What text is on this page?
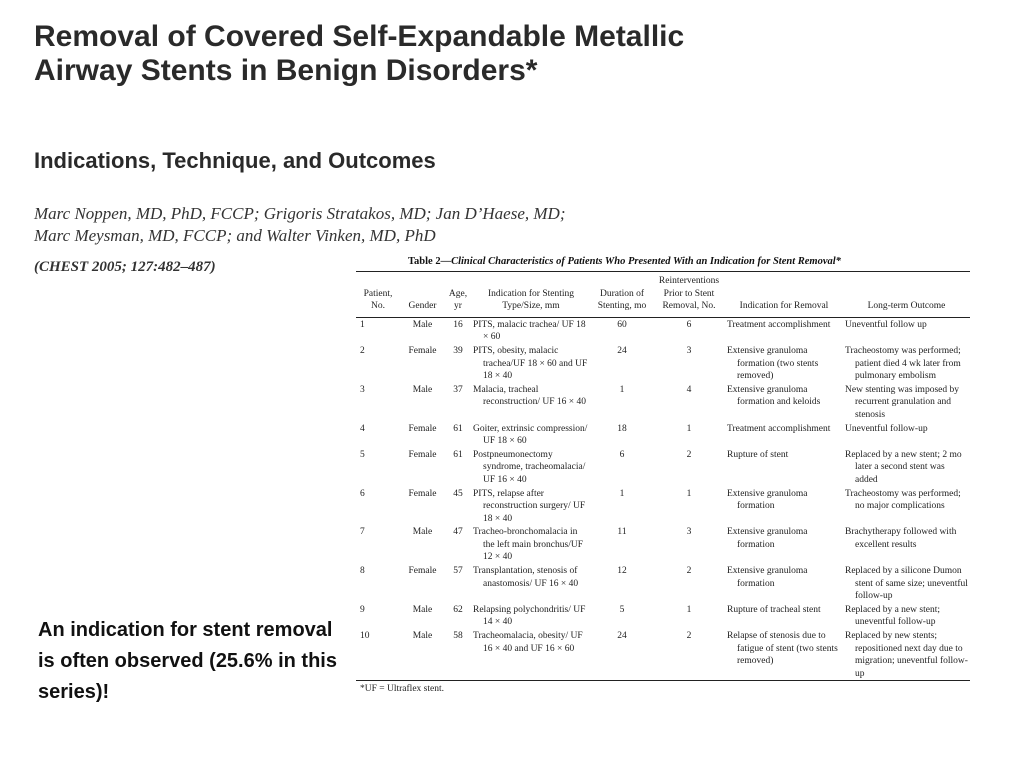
Removal of Covered Self-Expandable Metallic Airway Stents in Benign Disorders*
Indications, Technique, and Outcomes
Marc Noppen, MD, PhD, FCCP; Grigoris Stratakos, MD; Jan D’Haese, MD;
Marc Meysman, MD, FCCP; and Walter Vinken, MD, PhD
(CHEST 2005; 127:482–487)

An indication for stent removal is often observed (25.6% in this series)!

Table 2—Clinical Characteristics of Patients Who Presented With an Indication for Stent Removal*
Patient, No.	Gender	Age, yr	Indication for Stenting Type/Size, mm	Duration of Stenting, mo	Reinterventions Prior to Stent Removal, No.	Indication for Removal	Long-term Outcome
1	Male	16	PITS, malacic trachea/ UF 18 × 60	60	6	Treatment accomplishment	Uneventful follow up
2	Female	39	PITS, obesity, malacic trachea/UF 18 × 60 and UF 18 × 40	24	3	Extensive granuloma formation (two stents removed)	Tracheostomy was performed; patient died 4 wk later from pulmonary embolism
3	Male	37	Malacia, tracheal reconstruction/ UF 16 × 40	1	4	Extensive granuloma formation and keloids	New stenting was imposed by recurrent granulation and stenosis
4	Female	61	Goiter, extrinsic compression/ UF 18 × 60	18	1	Treatment accomplishment	Uneventful follow-up
5	Female	61	Postpneumonectomy syndrome, tracheomalacia/ UF 16 × 40	6	2	Rupture of stent	Replaced by a new stent; 2 mo later a second stent was added
6	Female	45	PITS, relapse after reconstruction surgery/ UF 18 × 40	1	1	Extensive granuloma formation	Tracheostomy was performed; no major complications
7	Male	47	Tracheo-bronchomalacia in the left main bronchus/UF 12 × 40	11	3	Extensive granuloma formation	Brachytherapy followed with excellent results
8	Female	57	Transplantation, stenosis of anastomosis/ UF 16 × 40	12	2	Extensive granuloma formation	Replaced by a silicone Dumon stent of same size; uneventful follow-up
9	Male	62	Relapsing polychondritis/ UF 14 × 40	5	1	Rupture of tracheal stent	Replaced by a new stent; uneventful follow-up
10	Male	58	Tracheomalacia, obesity/ UF 16 × 40 and UF 16 × 60	24	2	Relapse of stenosis due to fatigue of stent (two stents removed)	Replaced by new stents; repositioned next day due to migration; uneventful follow-up
*UF = Ultraflex stent.
